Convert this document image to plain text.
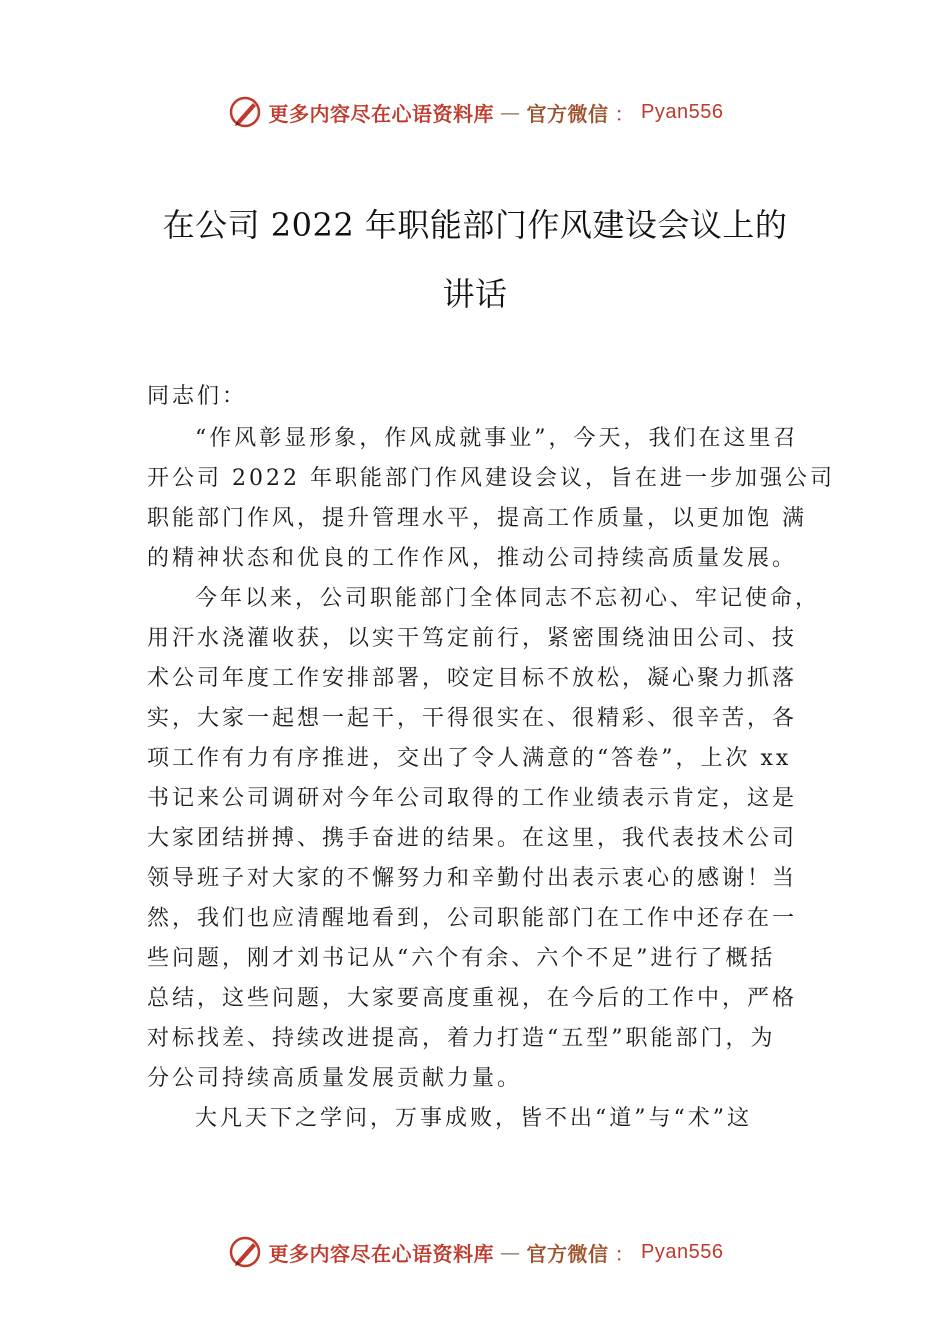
更多内容尽在心语资料库 — 官方微信 ： Pyan556
在公司 2022 年职能部门作风建设会议上的
讲话
同志们：
“作风彰显形象，作风成就事业”，今天，我们在这里召
开公司 2022 年职能部门作风建设会议，旨在进一步加强公司
职能部门作风，提升管理水平，提高工作质量，以更加饱 满
的精神状态和优良的工作作风，推动公司持续高质量发展。
今年以来，公司职能部门全体同志不忘初心、牢记使命，
用汗水浇灌收获，以实干笃定前行，紧密围绕油田公司、技
术公司年度工作安排部署，咬定目标不放松，凝心聚力抓落
实，大家一起想一起干，干得很实在、很精彩、很辛苦，各
项工作有力有序推进，交出了令人满意的“答卷”，上次 xx
书记来公司调研对今年公司取得的工作业绩表示肯定，这是
大家团结拼搏、携手奋进的结果。在这里，我代表技术公司
领导班子对大家的不懈努力和辛勤付出表示衷心的感谢！当
然，我们也应清醒地看到，公司职能部门在工作中还存在一
些问题，刚才刘书记从“六个有余、六个不足”进行了概括
总结，这些问题，大家要高度重视，在今后的工作中，严格
对标找差、持续改进提高，着力打造“五型”职能部门，为
分公司持续高质量发展贡献力量。
大凡天下之学问，万事成败，皆不出“道”与“术”这
更多内容尽在心语资料库 — 官方微信 ： Pyan556
